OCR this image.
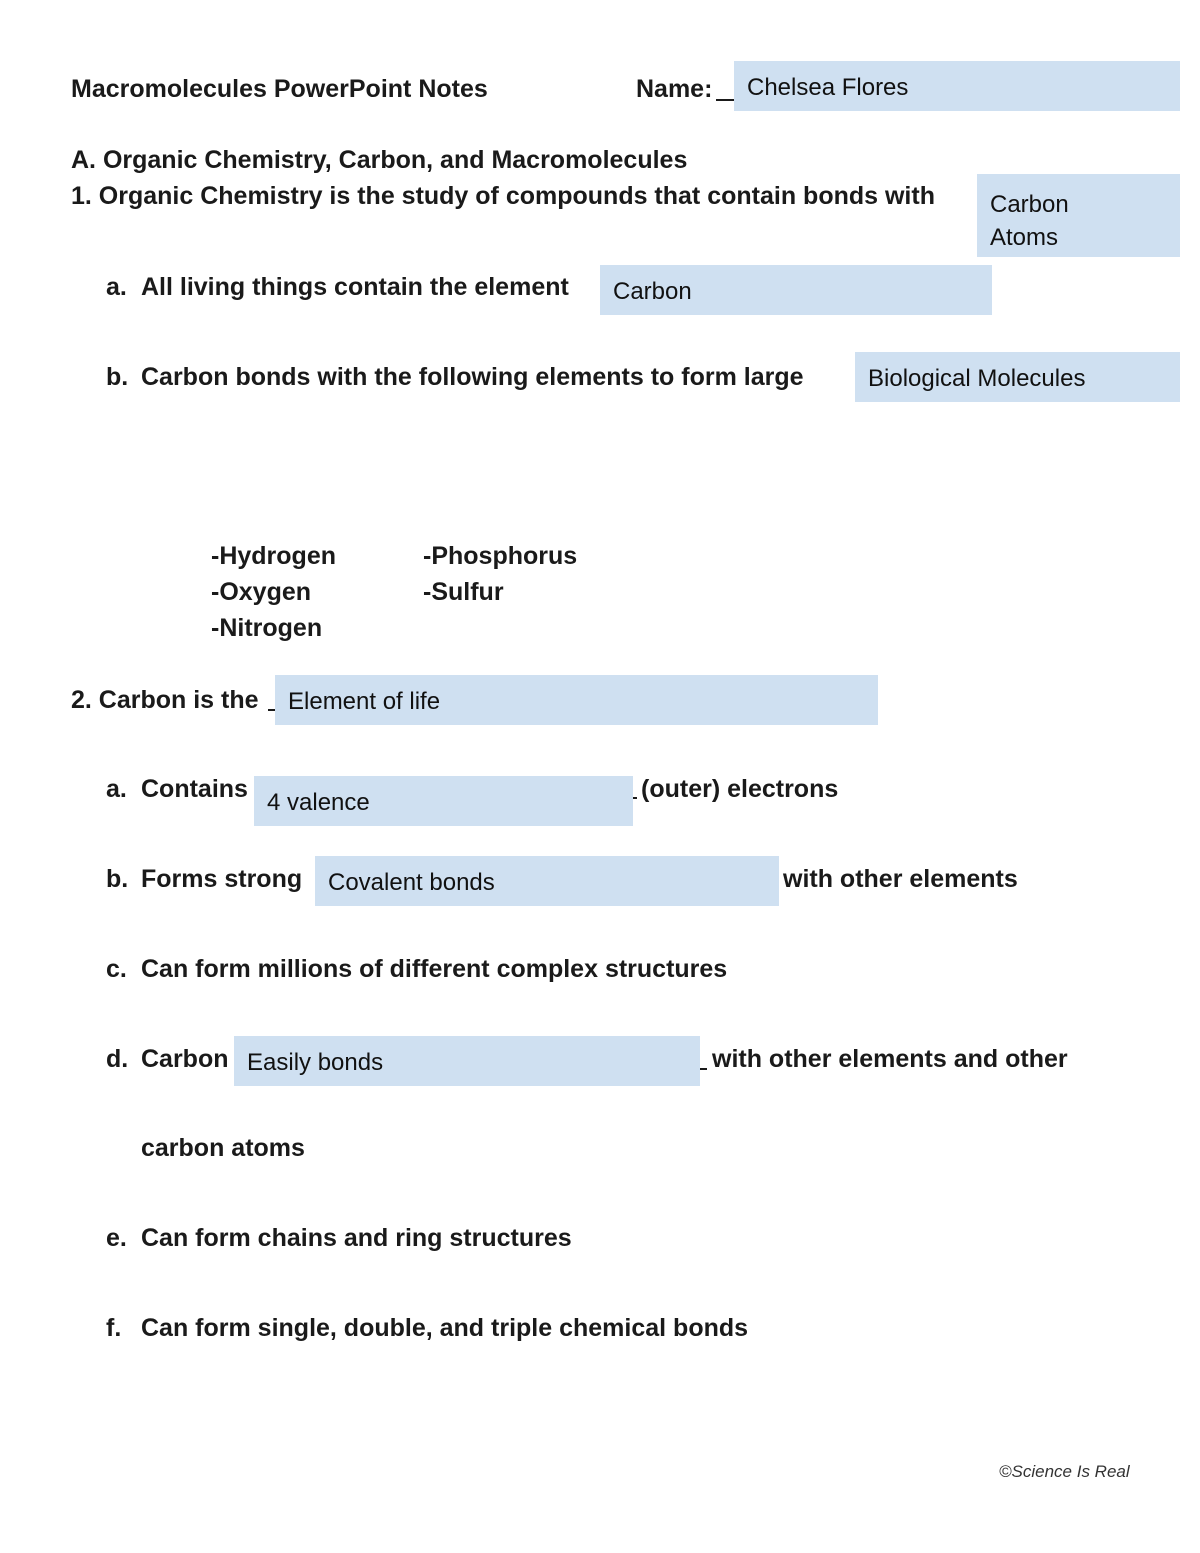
Macromolecules PowerPoint Notes	Name:	Chelsea Flores
A. Organic Chemistry, Carbon, and Macromolecules
1. Organic Chemistry is the study of compounds that contain bonds with	Carbon
Atoms
a. All living things contain the element	Carbon
b. Carbon bonds with the following elements to form large	Biological Molecules
-Hydrogen
-Oxygen
-Nitrogen
-Phosphorus
-Sulfur
2. Carbon is the	Element of life
a. Contains 4 valence	(outer) electrons
b. Forms strong	Covalent bonds	with other elements
c. Can form millions of different complex structures
d. Carbon Easily bonds	with other elements and other
carbon atoms
e. Can form chains and ring structures
f. Can form single, double, and triple chemical bonds
©Science Is Real
